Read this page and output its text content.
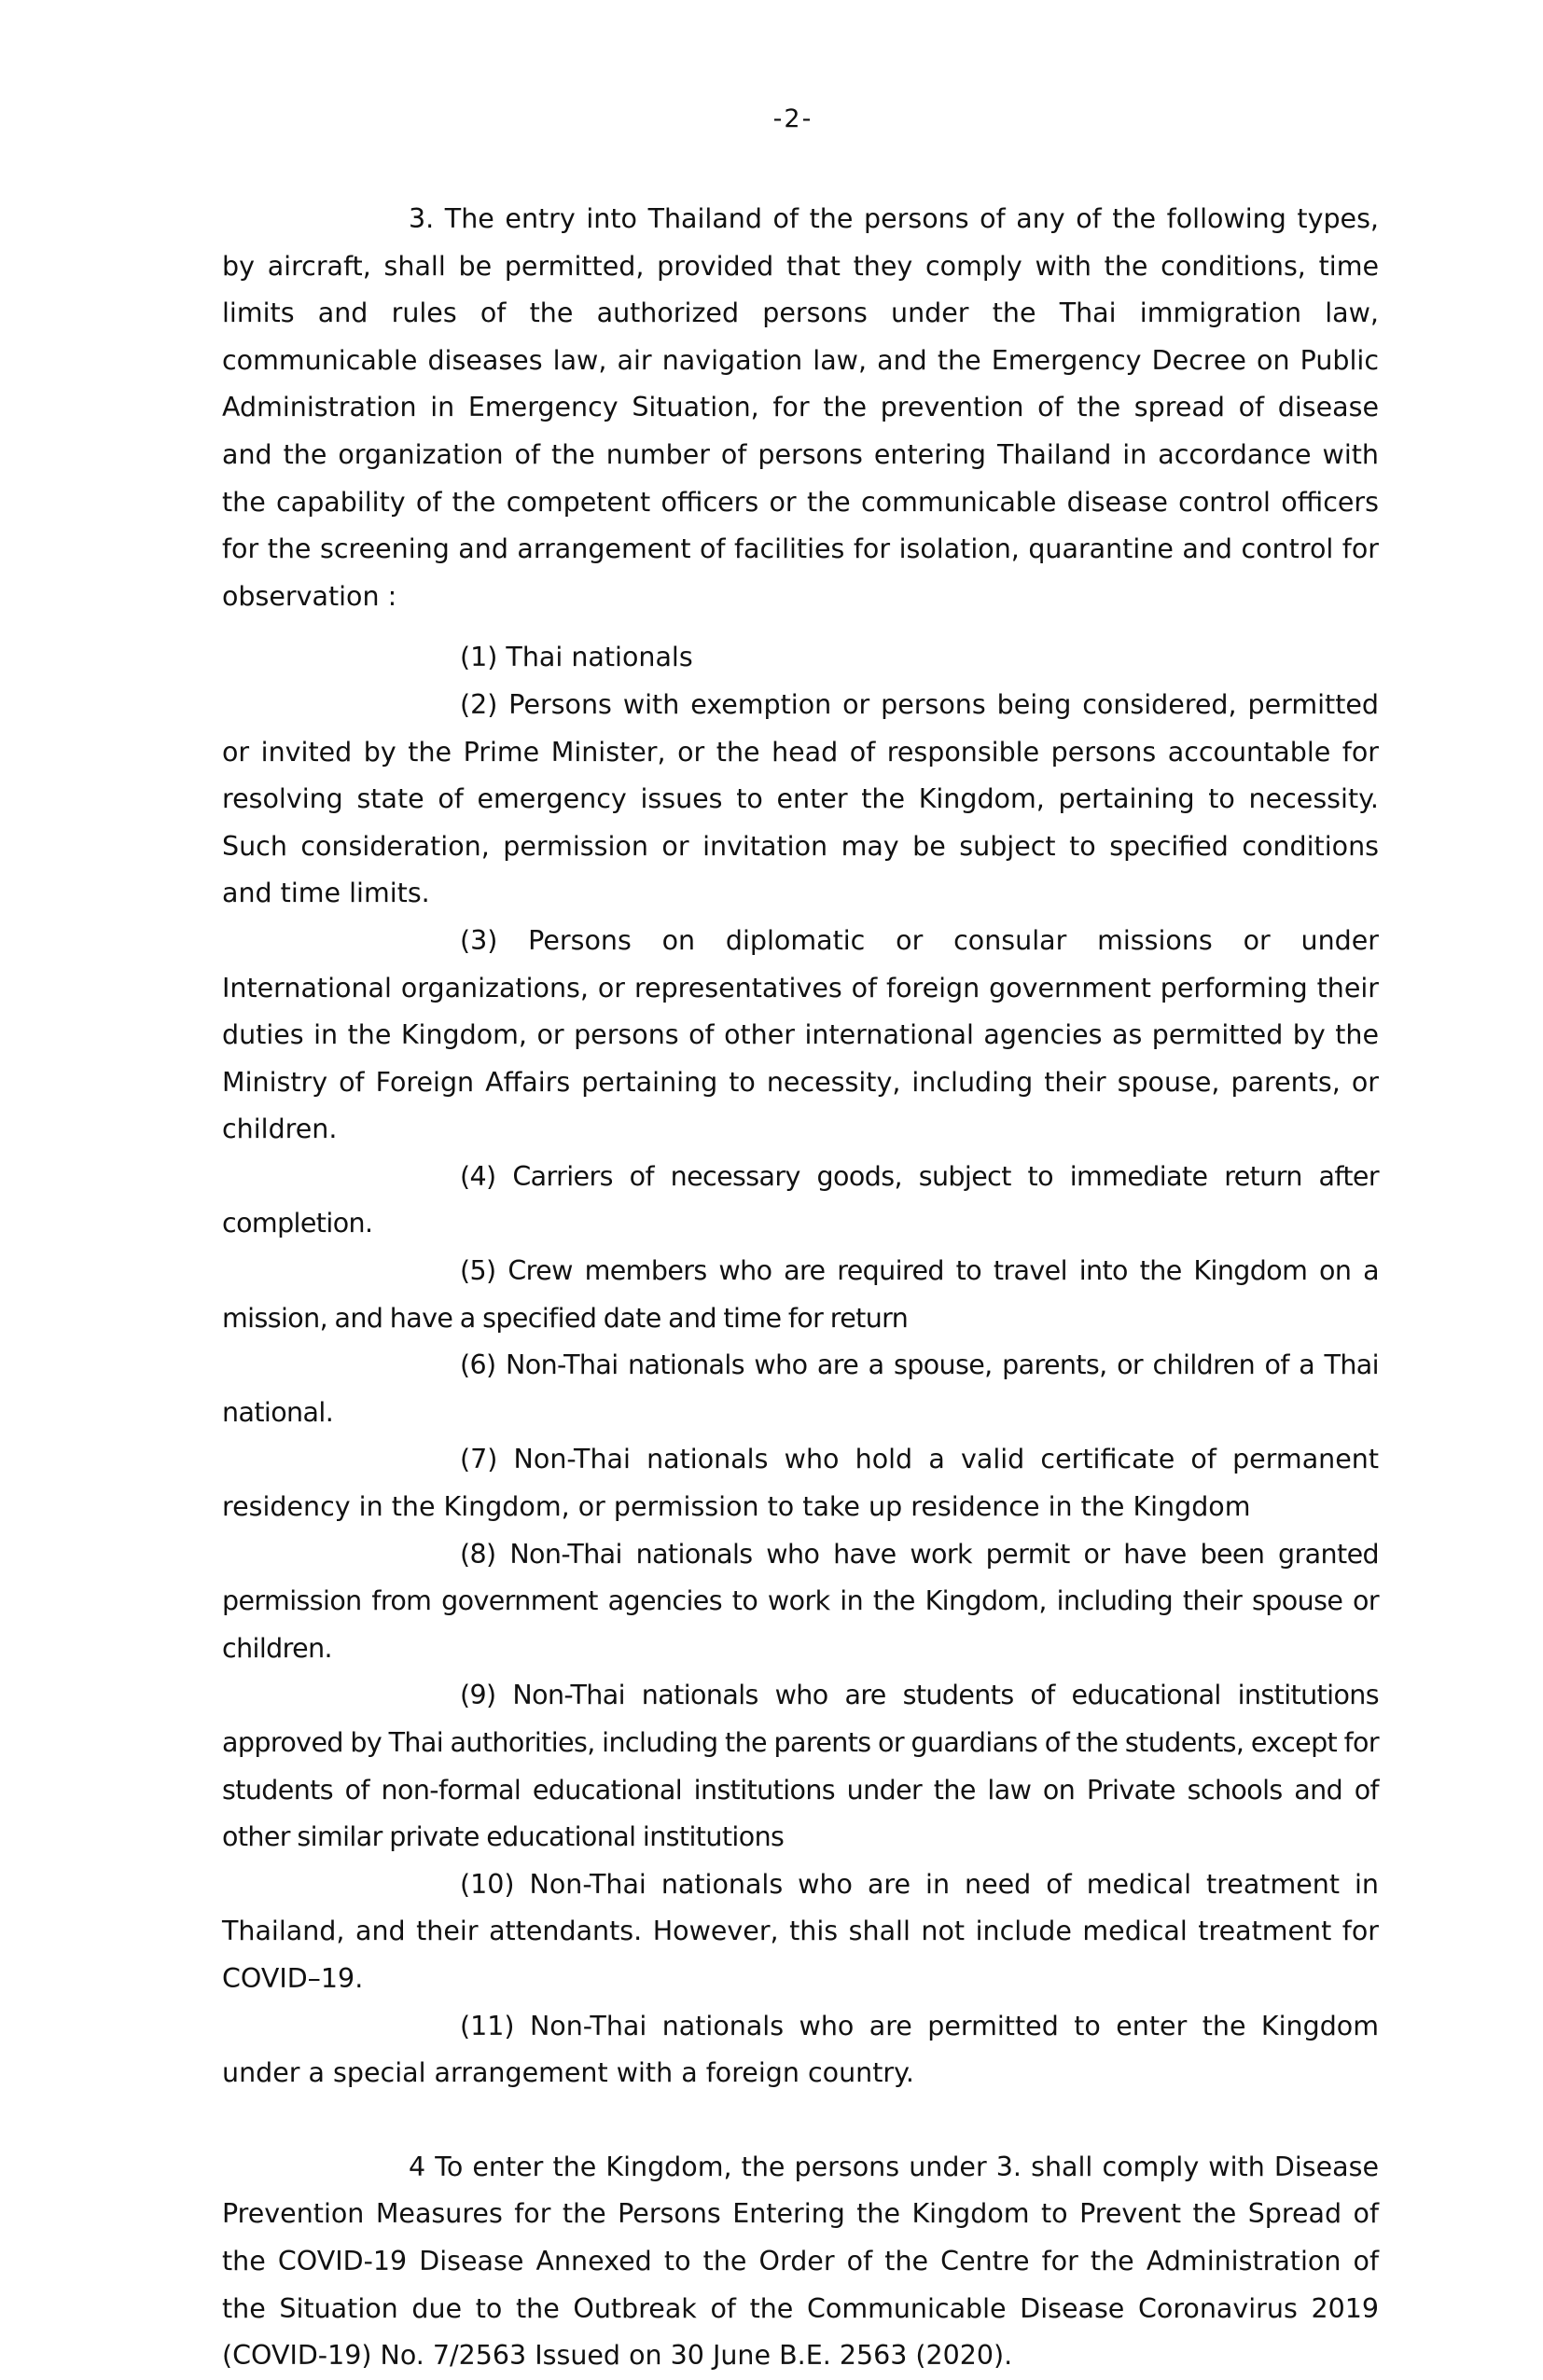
-2-

3. The entry into Thailand of the persons of any of the following types, by aircraft, shall be permitted, provided that they comply with the conditions, time limits and rules of the authorized persons under the Thai immigration law, communicable diseases law, air navigation law, and the Emergency Decree on Public Administration in Emergency Situation, for the prevention of the spread of disease and the organization of the number of persons entering Thailand in accordance with the capability of the competent officers or the communicable disease control officers for the screening and arrangement of facilities for isolation, quarantine and control for observation :

(1) Thai nationals

(2) Persons with exemption or persons being considered, permitted or invited by the Prime Minister, or the head of responsible persons accountable for resolving state of emergency issues to enter the Kingdom, pertaining to necessity. Such consideration, permission or invitation may be subject to specified conditions and time limits.

(3) Persons on diplomatic or consular missions or under International organizations, or representatives of foreign government performing their duties in the Kingdom, or persons of other international agencies as permitted by the Ministry of Foreign Affairs pertaining to necessity, including their spouse, parents, or children.

(4) Carriers of necessary goods, subject to immediate return after completion.

(5) Crew members who are required to travel into the Kingdom on a mission, and have a specified date and time for return

(6) Non-Thai nationals who are a spouse, parents, or children of a Thai national.

(7) Non-Thai nationals who hold a valid certificate of permanent residency in the Kingdom, or permission to take up residence in the Kingdom

(8) Non-Thai nationals who have work permit or have been granted permission from government agencies to work in the Kingdom, including their spouse or children.

(9) Non-Thai nationals who are students of educational institutions approved by Thai authorities, including the parents or guardians of the students, except for students of non-formal educational institutions under the law on Private schools and of other similar private educational institutions

(10) Non-Thai nationals who are in need of medical treatment in Thailand, and their attendants. However, this shall not include medical treatment for COVID–19.

(11) Non-Thai nationals who are permitted to enter the Kingdom under a special arrangement with a foreign country.

4 To enter the Kingdom, the persons under 3. shall comply with Disease Prevention Measures for the Persons Entering the Kingdom to Prevent the Spread of the COVID-19 Disease Annexed to the Order of the Centre for the Administration of the Situation due to the Outbreak of the Communicable Disease Coronavirus 2019 (COVID-19) No. 7/2563 Issued on 30 June B.E. 2563 (2020).
